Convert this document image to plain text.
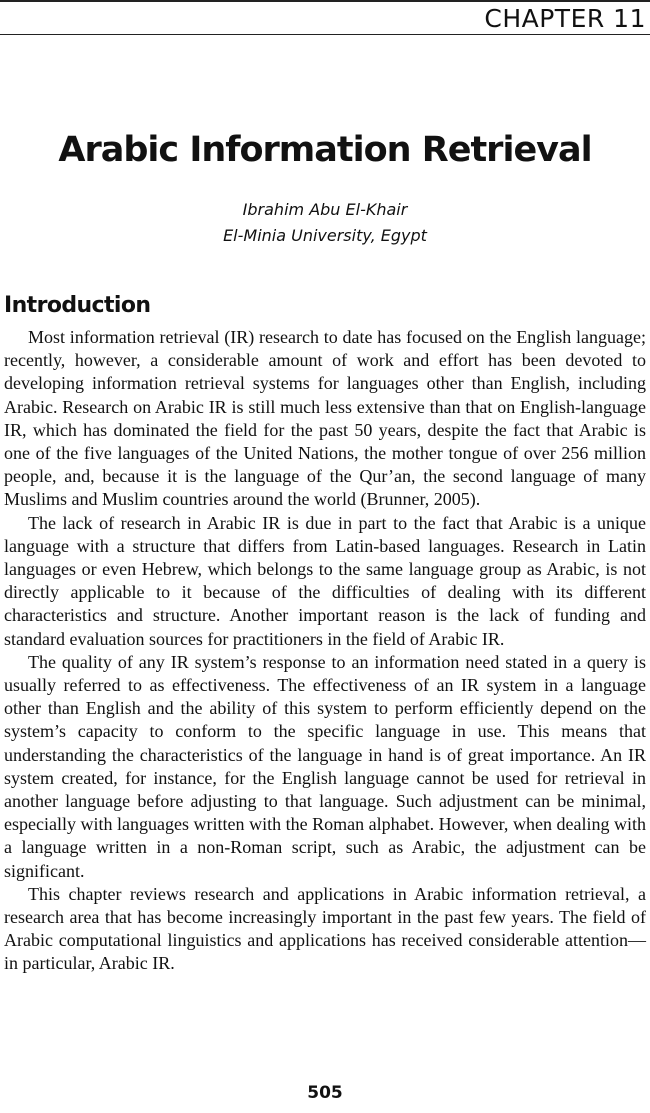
CHAPTER 11
Arabic Information Retrieval
Ibrahim Abu El-Khair
El-Minia University, Egypt
Introduction

Most information retrieval (IR) research to date has focused on the English language; recently, however, a considerable amount of work and effort has been devoted to developing information retrieval systems for languages other than English, including Arabic. Research on Arabic IR is still much less extensive than that on English-language IR, which has dominated the field for the past 50 years, despite the fact that Arabic is one of the five languages of the United Nations, the mother tongue of over 256 million people, and, because it is the language of the Qur’an, the second language of many Muslims and Muslim countries around the world (Brunner, 2005).

The lack of research in Arabic IR is due in part to the fact that Arabic is a unique language with a structure that differs from Latin-based languages. Research in Latin languages or even Hebrew, which belongs to the same language group as Arabic, is not directly applicable to it because of the difficulties of dealing with its different characteristics and structure. Another important reason is the lack of funding and standard evaluation sources for practitioners in the field of Arabic IR.

The quality of any IR system’s response to an information need stated in a query is usually referred to as effectiveness. The effectiveness of an IR system in a language other than English and the ability of this system to perform efficiently depend on the system’s capacity to conform to the specific language in use. This means that understanding the characteristics of the language in hand is of great importance. An IR system created, for instance, for the English language cannot be used for retrieval in another language before adjusting to that language. Such adjustment can be minimal, especially with languages written with the Roman alphabet. However, when dealing with a language written in a non-Roman script, such as Arabic, the adjustment can be significant.

This chapter reviews research and applications in Arabic information retrieval, a research area that has become increasingly important in the past few years. The field of Arabic computational linguistics and applications has received considerable attention—in particular, Arabic IR.

505
